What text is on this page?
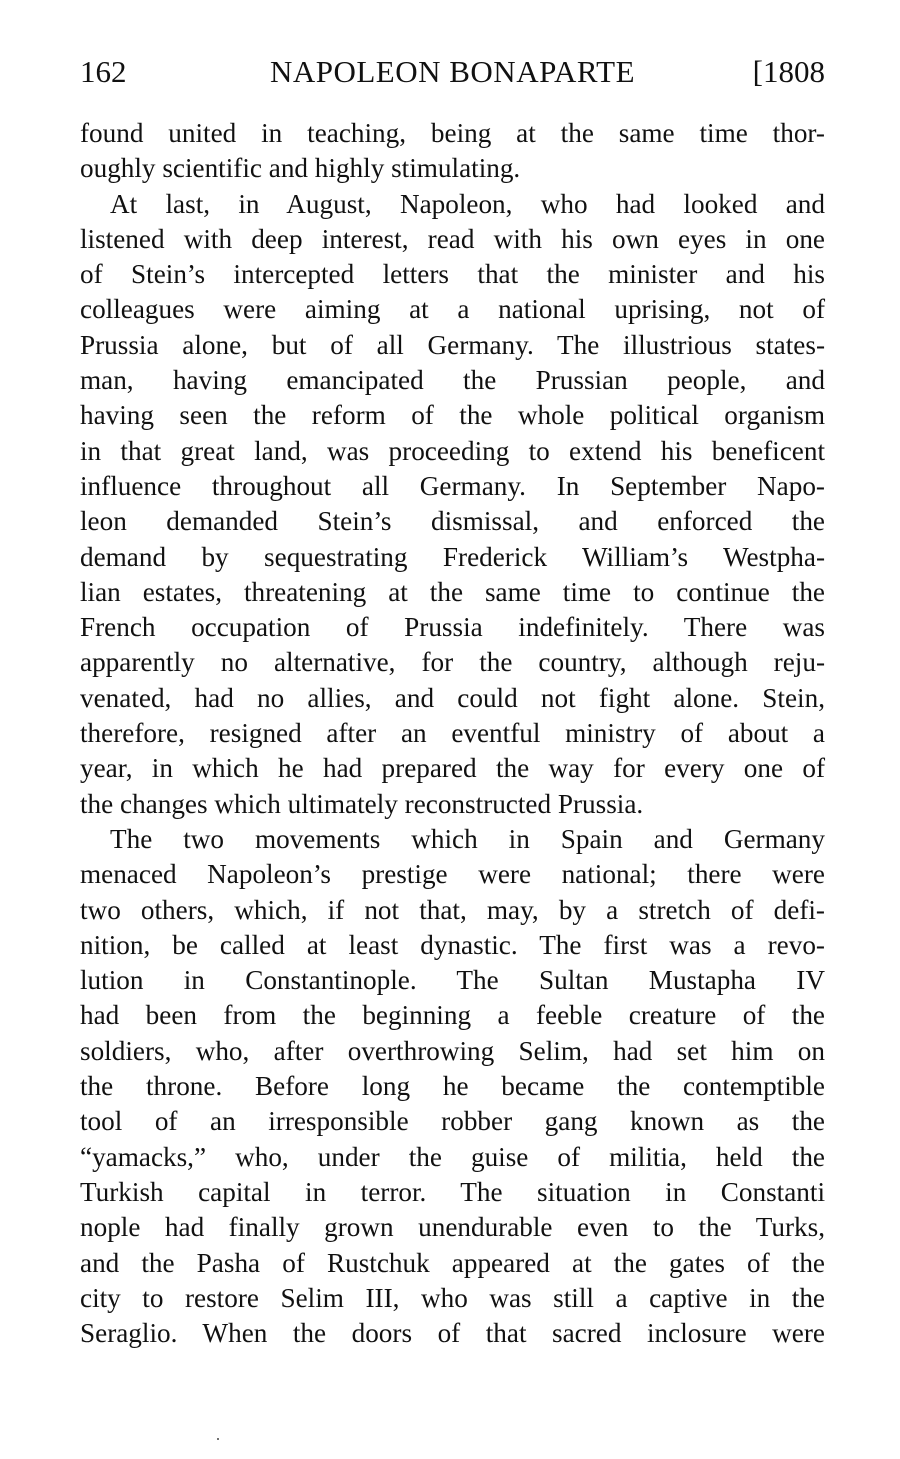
162	NAPOLEON BONAPARTE	[1808
found united in teaching, being at the same time thor-
oughly scientific and highly stimulating.
At last, in August, Napoleon, who had looked and
listened with deep interest, read with his own eyes in one
of Stein’s intercepted letters that the minister and his
colleagues were aiming at a national uprising, not of
Prussia alone, but of all Germany. The illustrious states-
man, having emancipated the Prussian people, and
having seen the reform of the whole political organism
in that great land, was proceeding to extend his beneficent
influence throughout all Germany. In September Napo-
leon demanded Stein’s dismissal, and enforced the
demand by sequestrating Frederick William’s Westpha-
lian estates, threatening at the same time to continue the
French occupation of Prussia indefinitely. There was
apparently no alternative, for the country, although reju-
venated, had no allies, and could not fight alone. Stein,
therefore, resigned after an eventful ministry of about a
year, in which he had prepared the way for every one of
the changes which ultimately reconstructed Prussia.
The two movements which in Spain and Germany
menaced Napoleon’s prestige were national; there were
two others, which, if not that, may, by a stretch of defi-
nition, be called at least dynastic. The first was a revo-
lution in Constantinople. The Sultan Mustapha IV
had been from the beginning a feeble creature of the
soldiers, who, after overthrowing Selim, had set him on
the throne. Before long he became the contemptible
tool of an irresponsible robber gang known as the
“yamacks,” who, under the guise of militia, held the
Turkish capital in terror. The situation in Constanti
nople had finally grown unendurable even to the Turks,
and the Pasha of Rustchuk appeared at the gates of the
city to restore Selim III, who was still a captive in the
Seraglio. When the doors of that sacred inclosure were
